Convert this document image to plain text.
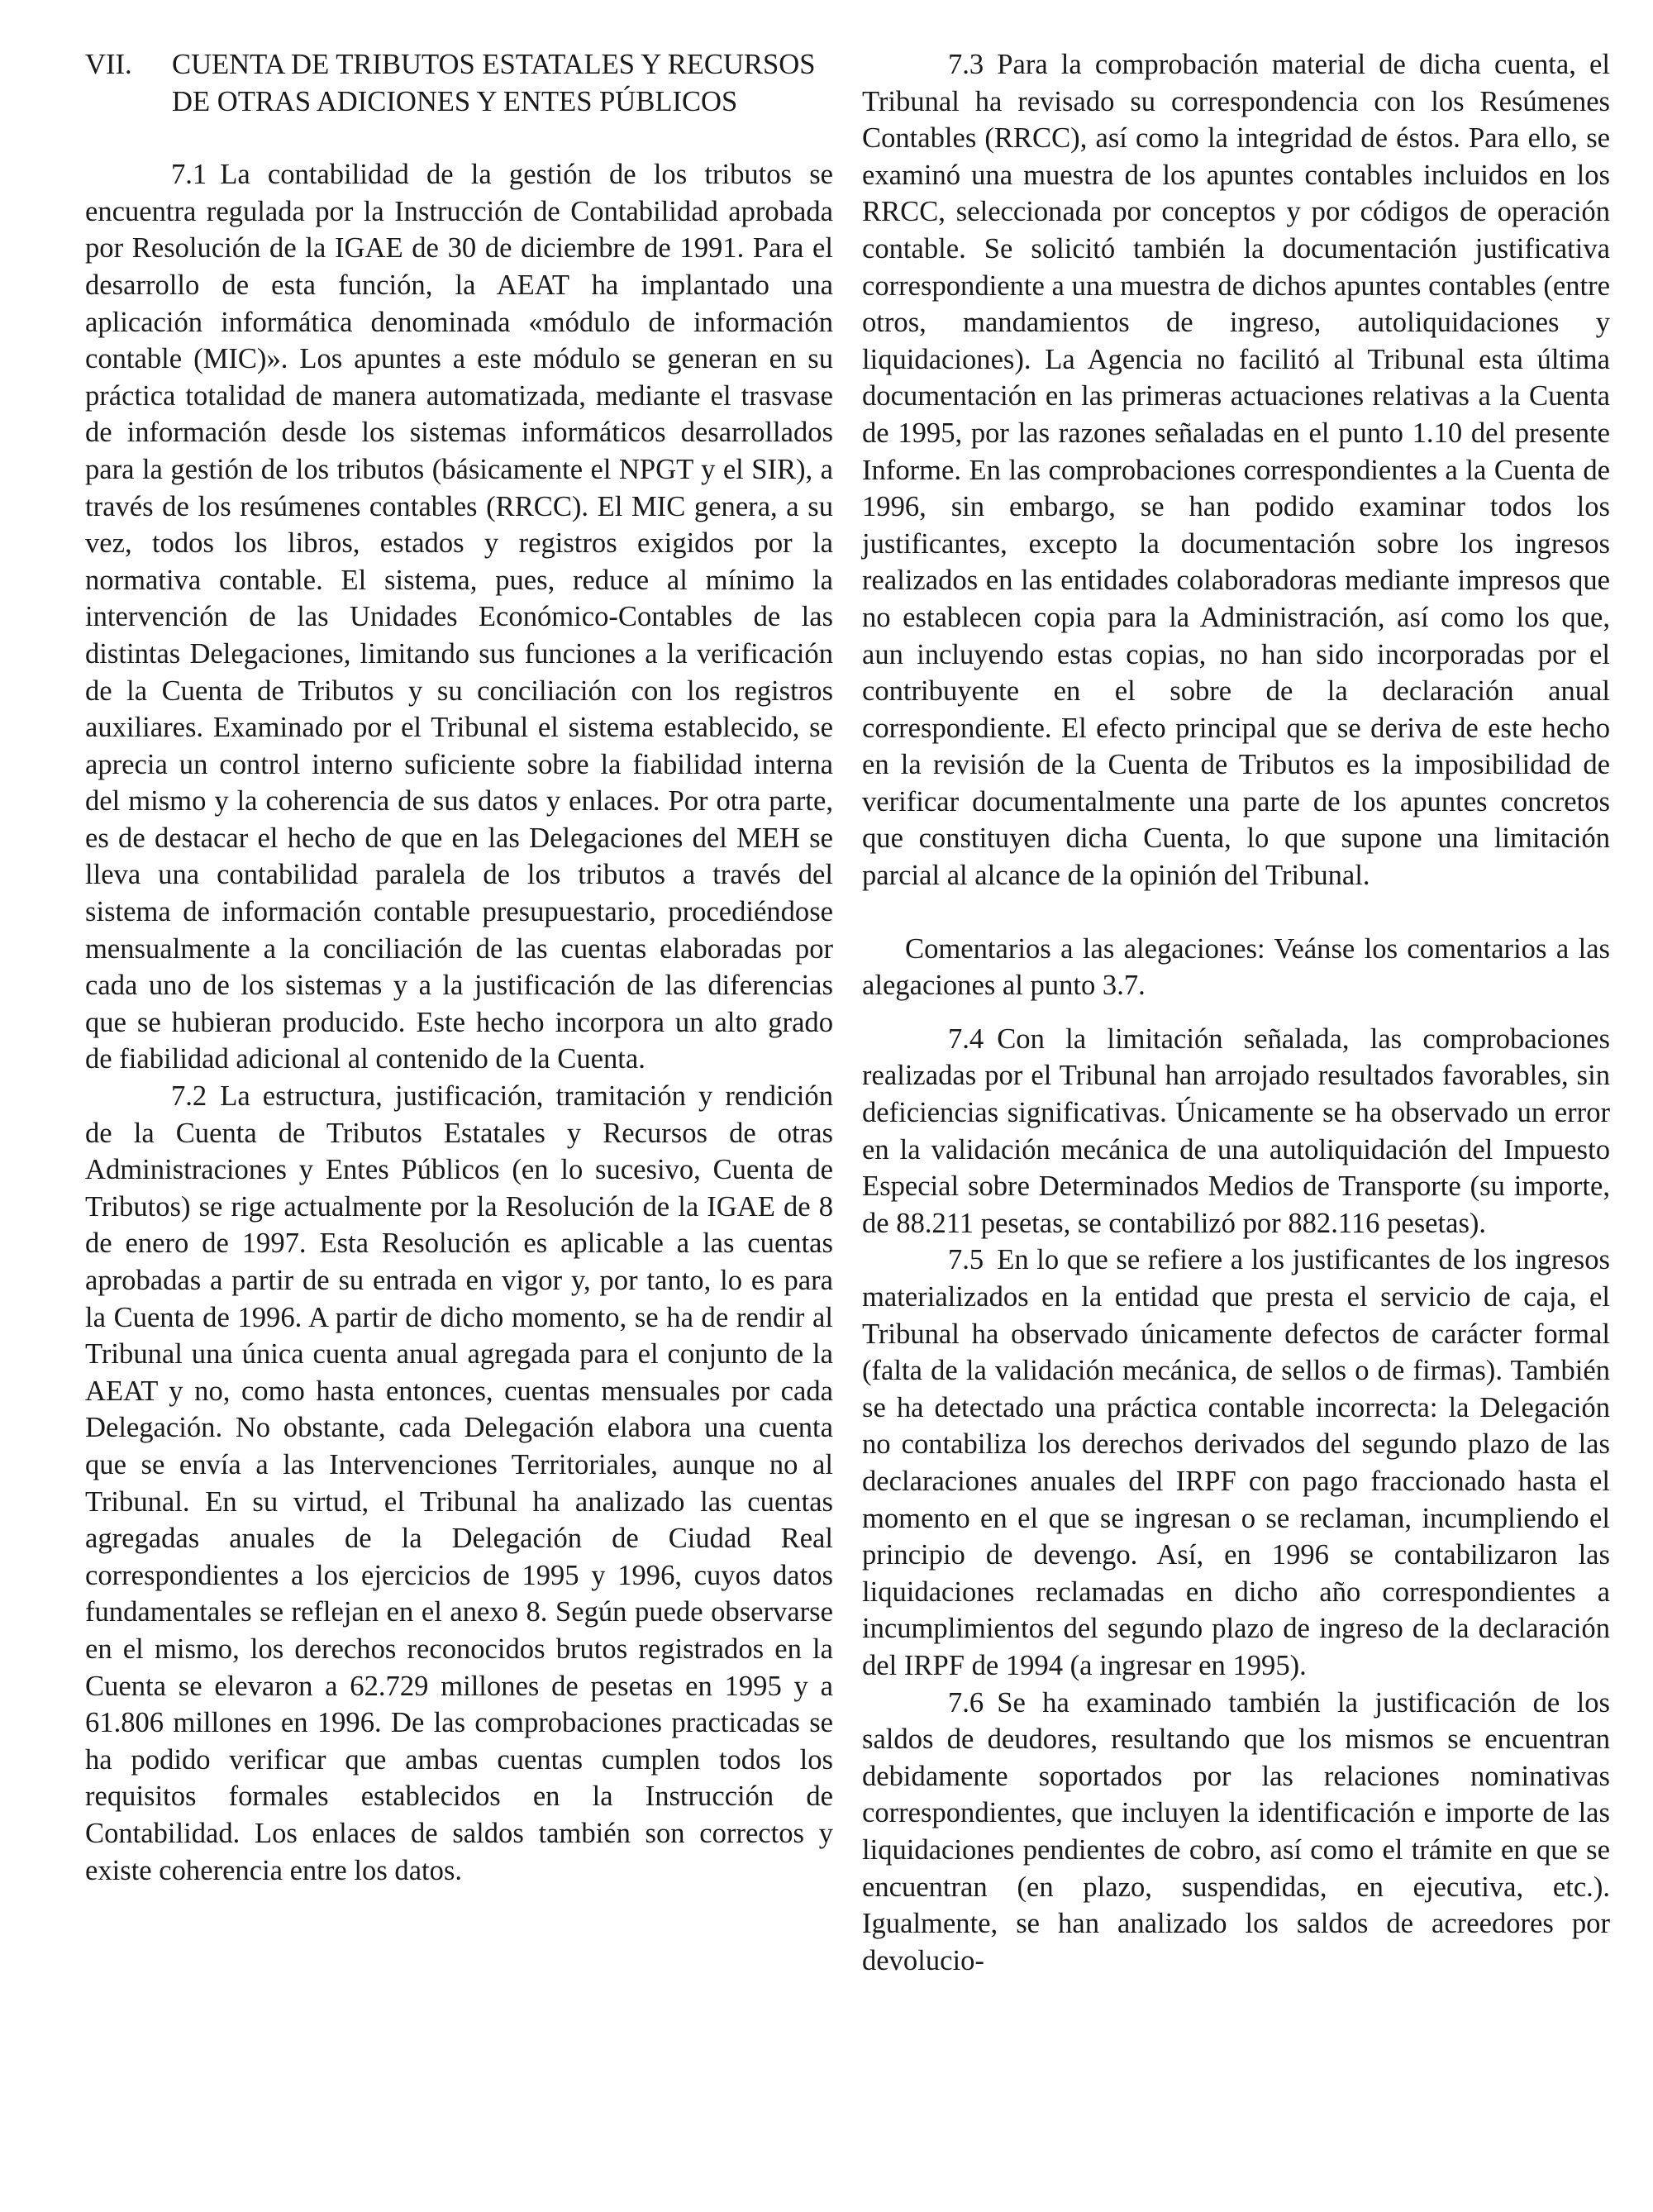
VII.	CUENTA DE TRIBUTOS ESTATALES Y RECURSOS DE OTRAS ADICIONES Y ENTES PÚBLICOS

7.1 La contabilidad de la gestión de los tributos se encuentra regulada por la Instrucción de Contabilidad aprobada por Resolución de la IGAE de 30 de diciembre de 1991. Para el desarrollo de esta función, la AEAT ha implantado una aplicación informática denominada «módulo de información contable (MIC)». Los apuntes a este módulo se generan en su práctica totalidad de manera automatizada, mediante el trasvase de información desde los sistemas informáticos desarrollados para la gestión de los tributos (básicamente el NPGT y el SIR), a través de los resúmenes contables (RRCC). El MIC genera, a su vez, todos los libros, estados y registros exigidos por la normativa contable. El sistema, pues, reduce al mínimo la intervención de las Unidades Económico-Contables de las distintas Delegaciones, limitando sus funciones a la verificación de la Cuenta de Tributos y su conciliación con los registros auxiliares. Examinado por el Tribunal el sistema establecido, se aprecia un control interno suficiente sobre la fiabilidad interna del mismo y la coherencia de sus datos y enlaces. Por otra parte, es de destacar el hecho de que en las Delegaciones del MEH se lleva una contabilidad paralela de los tributos a través del sistema de información contable presupuestario, procediéndose mensualmente a la conciliación de las cuentas elaboradas por cada uno de los sistemas y a la justificación de las diferencias que se hubieran producido. Este hecho incorpora un alto grado de fiabilidad adicional al contenido de la Cuenta.

7.2 La estructura, justificación, tramitación y rendición de la Cuenta de Tributos Estatales y Recursos de otras Administraciones y Entes Públicos (en lo sucesivo, Cuenta de Tributos) se rige actualmente por la Resolución de la IGAE de 8 de enero de 1997. Esta Resolución es aplicable a las cuentas aprobadas a partir de su entrada en vigor y, por tanto, lo es para la Cuenta de 1996. A partir de dicho momento, se ha de rendir al Tribunal una única cuenta anual agregada para el conjunto de la AEAT y no, como hasta entonces, cuentas mensuales por cada Delegación. No obstante, cada Delegación elabora una cuenta que se envía a las Intervenciones Territoriales, aunque no al Tribunal. En su virtud, el Tribunal ha analizado las cuentas agregadas anuales de la Delegación de Ciudad Real correspondientes a los ejercicios de 1995 y 1996, cuyos datos fundamentales se reflejan en el anexo 8. Según puede observarse en el mismo, los derechos reconocidos brutos registrados en la Cuenta se elevaron a 62.729 millones de pesetas en 1995 y a 61.806 millones en 1996. De las comprobaciones practicadas se ha podido verificar que ambas cuentas cumplen todos los requisitos formales establecidos en la Instrucción de Contabilidad. Los enlaces de saldos también son correctos y existe coherencia entre los datos.

7.3 Para la comprobación material de dicha cuenta, el Tribunal ha revisado su correspondencia con los Resúmenes Contables (RRCC), así como la integridad de éstos. Para ello, se examinó una muestra de los apuntes contables incluidos en los RRCC, seleccionada por conceptos y por códigos de operación contable. Se solicitó también la documentación justificativa correspondiente a una muestra de dichos apuntes contables (entre otros, mandamientos de ingreso, autoliquidaciones y liquidaciones). La Agencia no facilitó al Tribunal esta última documentación en las primeras actuaciones relativas a la Cuenta de 1995, por las razones señaladas en el punto 1.10 del presente Informe. En las comprobaciones correspondientes a la Cuenta de 1996, sin embargo, se han podido examinar todos los justificantes, excepto la documentación sobre los ingresos realizados en las entidades colaboradoras mediante impresos que no establecen copia para la Administración, así como los que, aun incluyendo estas copias, no han sido incorporadas por el contribuyente en el sobre de la declaración anual correspondiente. El efecto principal que se deriva de este hecho en la revisión de la Cuenta de Tributos es la imposibilidad de verificar documentalmente una parte de los apuntes concretos que constituyen dicha Cuenta, lo que supone una limitación parcial al alcance de la opinión del Tribunal.

Comentarios a las alegaciones: Veánse los comentarios a las alegaciones al punto 3.7.

7.4 Con la limitación señalada, las comprobaciones realizadas por el Tribunal han arrojado resultados favorables, sin deficiencias significativas. Únicamente se ha observado un error en la validación mecánica de una autoliquidación del Impuesto Especial sobre Determinados Medios de Transporte (su importe, de 88.211 pesetas, se contabilizó por 882.116 pesetas).

7.5 En lo que se refiere a los justificantes de los ingresos materializados en la entidad que presta el servicio de caja, el Tribunal ha observado únicamente defectos de carácter formal (falta de la validación mecánica, de sellos o de firmas). También se ha detectado una práctica contable incorrecta: la Delegación no contabiliza los derechos derivados del segundo plazo de las declaraciones anuales del IRPF con pago fraccionado hasta el momento en el que se ingresan o se reclaman, incumpliendo el principio de devengo. Así, en 1996 se contabilizaron las liquidaciones reclamadas en dicho año correspondientes a incumplimientos del segundo plazo de ingreso de la declaración del IRPF de 1994 (a ingresar en 1995).

7.6 Se ha examinado también la justificación de los saldos de deudores, resultando que los mismos se encuentran debidamente soportados por las relaciones nominativas correspondientes, que incluyen la identificación e importe de las liquidaciones pendientes de cobro, así como el trámite en que se encuentran (en plazo, suspendidas, en ejecutiva, etc.). Igualmente, se han analizado los saldos de acreedores por devolucio-
